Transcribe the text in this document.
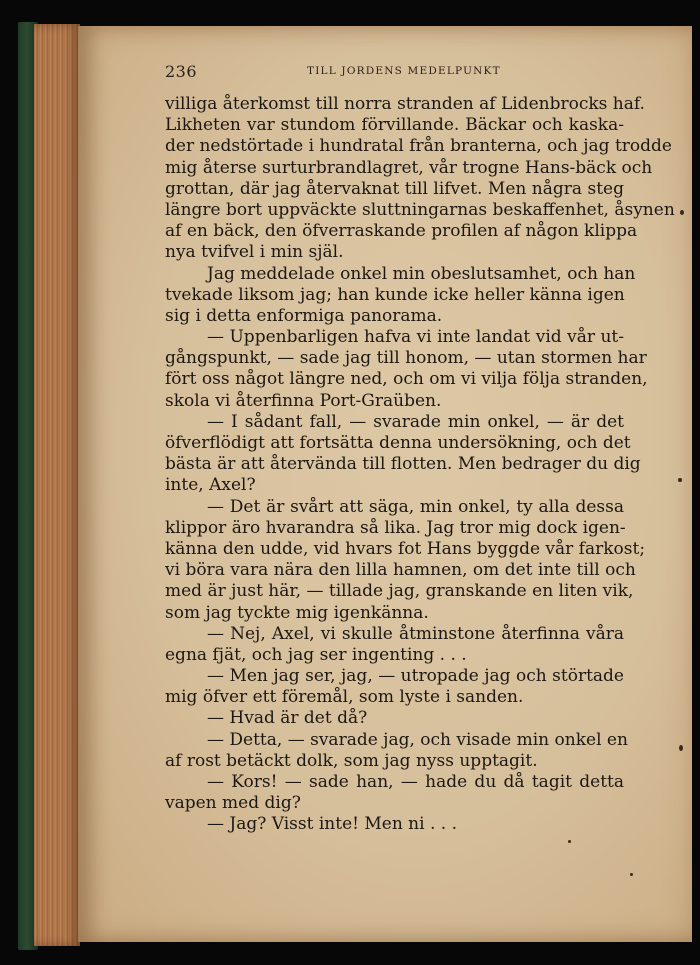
236	TILL JORDENS MEDELPUNKT
villiga återkomst till norra stranden af Lidenbrocks haf.
Likheten var stundom förvillande. Bäckar och kaska-
der nedstörtade i hundratal från branterna, och jag trodde
mig återse surturbrandlagret, vår trogne Hans-bäck och
grottan, där jag återvaknat till lifvet. Men några steg
längre bort uppväckte sluttningarnas beskaffenhet, åsynen
af en bäck, den öfverraskande profilen af någon klippa
nya tvifvel i min själ.
Jag meddelade onkel min obeslutsamhet, och han
tvekade liksom jag; han kunde icke heller känna igen
sig i detta enformiga panorama.
— Uppenbarligen hafva vi inte landat vid vår ut-
gångspunkt, — sade jag till honom, — utan stormen har
fört oss något längre ned, och om vi vilja följa stranden,
skola vi återfinna Port-Graüben.
— I sådant fall, — svarade min onkel, — är det
öfverflödigt att fortsätta denna undersökning, och det
bästa är att återvända till flotten. Men bedrager du dig
inte, Axel?
— Det är svårt att säga, min onkel, ty alla dessa
klippor äro hvarandra så lika. Jag tror mig dock igen-
känna den udde, vid hvars fot Hans byggde vår farkost;
vi böra vara nära den lilla hamnen, om det inte till och
med är just här, — tillade jag, granskande en liten vik,
som jag tyckte mig igenkänna.
— Nej, Axel, vi skulle åtminstone återfinna våra
egna fjät, och jag ser ingenting . . .
— Men jag ser, jag, — utropade jag och störtade
mig öfver ett föremål, som lyste i sanden.
— Hvad är det då?
— Detta, — svarade jag, och visade min onkel en
af rost betäckt dolk, som jag nyss upptagit.
— Kors! — sade han, — hade du då tagit detta
vapen med dig?
— Jag? Visst inte! Men ni . . .
